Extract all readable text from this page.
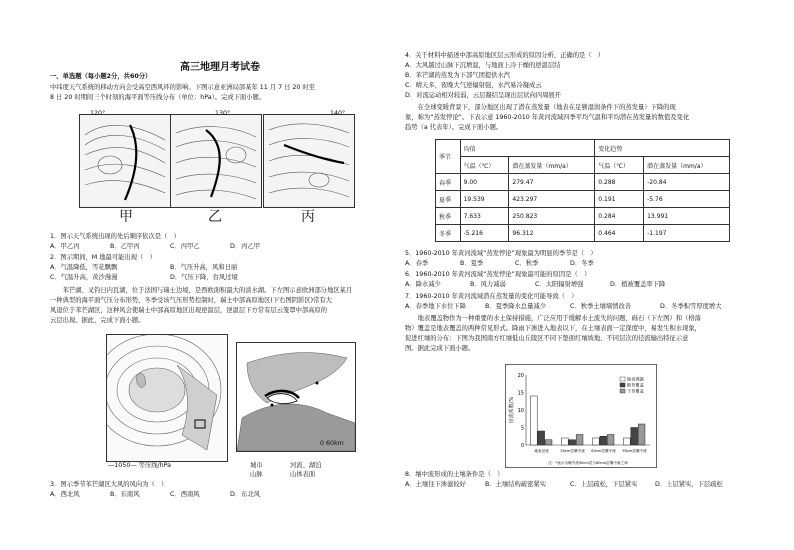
高三地理月考试卷
一、单选题（每小题2分，共60分）
中纬度天气系统的移动方向会受高空西风环的影响。下图示意亚洲局部某年 11 月 7 日 20 时至
8 日 20 时期间三个时刻的海平面等压线分布（单位：hPa）。完成下面小题。
120°	130°	140°
甲	乙	丙
1．图示天气系统出现的先后顺序依次是（　）
A．甲乙丙	B．乙甲丙	C．丙甲乙	D．丙乙甲
2．图示期间，M 地最可能出现（　）
A．气温降低，雪花飘飘	B．气压升高，风和日丽
C．气温升高，黄沙漫漫	D．气压下降，台风过境
　　苯芒湖、叉钓日内瓦湖，位于法国与瑞士边境，是西欧面积最大的淡水湖。下左图示意欧洲部分地区某月
一种典型的海平面气压分布形势，冬季受该气压形势控制时，瑞士中部高原地区(下右图阴影区)常有大
风退位于苯芒湖区，这种风会使瑞士中部高原地区出现逆温层，逆温层下方常有层云笼罩中部高原的
云层出现。据此，完成下面小题。
—1050— 等压线/hPa	城市	河流、湖泊
山脉	山体表面
0 60km
3．图示季节苯芒湖区大风的风向为（　）
A．西北风	B．东南风	C．西南风	D．东北风
4．关于材料中描述中部高原地区层云形成的原因分析，正确的是（　）
A．大风越过山脉下沉增温，与地面上冷干燥的逆温层结
B．苯芒湖的蒸发为下部气团提供水汽
C．晴天多，夜晚大气逆辐射强，水汽易冷凝成云
D．对流运动相对较弱，云层凝结呈现出层状向四周展开
　　在全球变暖背景下，部分地区出现了潜在蒸发量（地表在足够湿润条件下的蒸发量）下降的现
象，称为“蒸发悖论”。下表示意 1960-2010 年黄河流域四季平均气温和平均潜在蒸发量的数值及变化
趋势（a 代表年）。完成下面小题。
季节	均值		变化趋势	
	气温（℃）	潜在蒸发量（mm/a）	气温（℃）	潜在蒸发量（mm/a）
春季	9.00	279.47	0.288	-20.84
夏季	19.539	423.297	0.191	-5.76
秋季	7.633	250.823	0.284	13.991
冬季	-5.216	96.312	0.464	-1.197
5．1960-2010 年黄河流域“蒸发悖论”现象最为明显的季节是（　）
A．春季	B．夏季	C．秋季	D．冬季
6．1960-2010 年黄河流域“蒸发悖论”现象最可能的原因是（　）
A．降水减少	B．风力减弱	C．太阳辐射增强	D．植被覆盖率下降
7．1960-2010 年黄河流域潜在蒸发量的变化可能导致（　）
A．春季地下水位下降	B．夏季降水总量减少	C．秋季土壤墒情改善	D．冬季积雪厚度增大
　　地表覆盖物作为一种重要的水土保持措施，广泛应用于缓解水土流失的问题，砾石（下左图）和（格落
物）覆盖是地表覆盖的两种常见形式。降雨下渗进入地表以下，在土壤表面一定深度中，易发生积水现象，
促进红壤的分布：下图为我国南方红壤低山丘陵区不同下垫面红壤坡地、不同层次的径流输出特征示意
图。据此完成下面小题。
0
5
10
15
20
径流系数/%
地表径流	30cm层壤中流 60cm层壤中流 90cm层壤中流
注：*表示为壤中流30cm层与60cm层壤中流之和
地表裸露
稻草覆盖
干草覆盖
8．壤中流形成的土壤条件是（　）
A．土壤往下渗滤较好	B．土壤结构疏密紧实	C．上层疏松，下层紧实	D．上层紧实，下层疏松
